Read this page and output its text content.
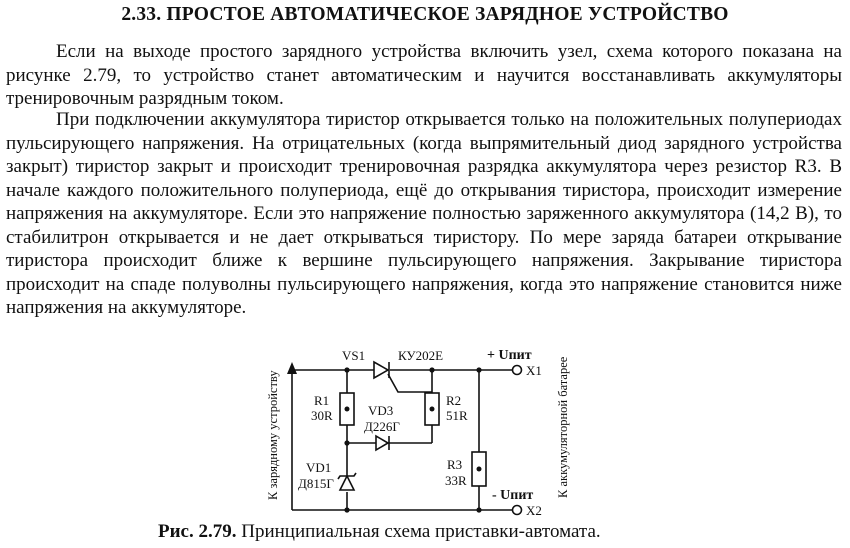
2.33. ПРОСТОЕ АВТОМАТИЧЕСКОЕ ЗАРЯДНОЕ УСТРОЙСТВО

Если на выходе простого зарядного устройства включить узел, схема которого показана на рисунке 2.79, то устройство станет автоматическим и научится восстанавливать аккумуляторы тренировочным разрядным током.

При подключении аккумулятора тиристор открывается только на положительных полупериодах пульсирующего напряжения. На отрицательных (когда выпрямительный диод зарядного устройства закрыт) тиристор закрыт и происходит тренировочная разрядка аккумулятора через резистор R3. В начале каждого положительного полупериода, ещё до открывания тиристора, происходит измерение напряжения на аккумуляторе. Если это напряжение полностью заряженного аккумулятора (14,2 В), то стабилитрон открывается и не дает открываться тиристору. По мере заряда батареи открывание тиристора происходит ближе к вершине пульсирующего напряжения. Закрывание тиристора происходит на спаде полуволны пульсирующего напряжения, когда это напряжение становится ниже напряжения на аккумуляторе.

VS1	КУ202Е	+ Uпит
X1
R1
30R	VD3
Д226Г
R2
51R
R3
33R
VD1
Д815Г
- Uпит
X2
К зарядному устройству	К аккумуляторной батарее
Рис. 2.79. Принципиальная схема приставки-автомата.
